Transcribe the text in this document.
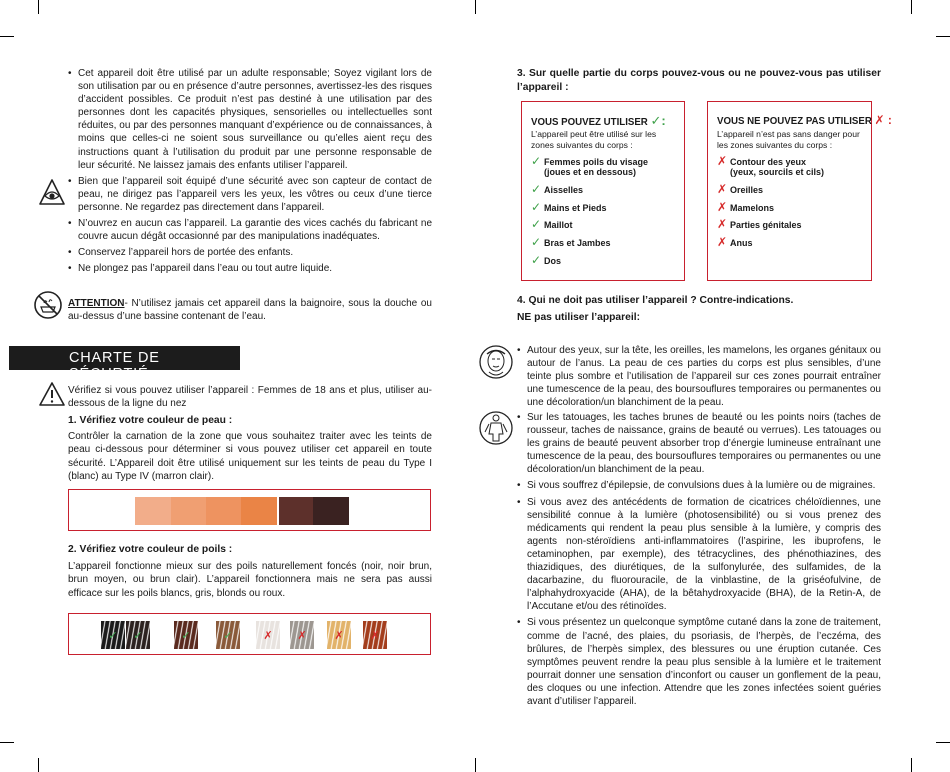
• Cet appareil doit être utilisé par un adulte responsable; Soyez vigilant lors de son utilisation par ou en présence d’autre personnes, avertissez-les des risques d’accident possibles. Ce produit n’est pas destiné à une utilisation par des personnes dont les capacités physiques, sensorielles ou intellectuelles sont réduites, ou par des personnes manquant d’expérience ou de connaissances, à moins que celles-ci ne soient sous surveillance ou qu’elles aient reçu des instructions quant à l’utilisation du produit par une personne responsable de leur sécurité. Ne laissez jamais des enfants utiliser l’appareil.
• Bien que l’appareil soit équipé d’une sécurité avec son capteur de contact de peau, ne dirigez pas l’appareil vers les yeux, les vôtres ou ceux d’une tierce personne. Ne regardez pas directement dans l’appareil.
• N’ouvrez en aucun cas l’appareil. La garantie des vices cachés du fabricant ne couvre aucun dégât occasionné par des manipulations inadéquates.
• Conservez l’appareil hors de portée des enfants.
• Ne plongez pas l’appareil dans l’eau ou tout autre liquide.

ATTENTION- N’utilisez jamais cet appareil dans la baignoire, sous la douche ou au-dessus d’une bassine contenant de l’eau.

CHARTE DE SÉCURTIÉ

Vérifiez si vous pouvez utiliser l’appareil : Femmes de 18 ans et plus, utiliser au-dessous de la ligne du nez

1. Vérifiez votre couleur de peau :

Contrôler la carnation de la zone que vous souhaitez traiter avec les teints de peau ci-dessous pour déterminer si vous pouvez utiliser cet appareil en toute sécurité. L’Appareil doit être utilisé uniquement sur les teints de peau du Type I (blanc) au Type IV (marron clair).

2. Vérifiez votre couleur de poils :

L’appareil fonctionne mieux sur des poils naturellement foncés (noir, noir brun, brun moyen, ou brun clair). L’appareil fonctionnera mais ne sera pas aussi efficace sur les poils blancs, gris, blonds ou roux.

✓	✓	✓	✓	✗	✗	✗	✗
3. Sur quelle partie du corps pouvez-vous ou ne pouvez-vous pas utiliser l’appareil :
VOUS POUVEZ UTILISER ✓:
L’appareil peut être utilisé sur les zones suivantes du corps :
✓ Femmes poils du visage
(joues et en dessous)
✓ Aisselles
✓ Mains et Pieds
✓ Maillot
✓ Bras et Jambes
✓ Dos
VOUS NE POUVEZ PAS UTILISER ✗ :
L’appareil n’est pas sans danger pour les zones suivantes du corps :
✗ Contour des yeux
(yeux, sourcils et cils)
✗ Oreilles
✗ Mamelons
✗ Parties génitales
✗ Anus
4. Qui ne doit pas utiliser l’appareil ? Contre-indications.
NE pas utiliser l’appareil:
• Autour des yeux, sur la tête, les oreilles, les mamelons, les organes génitaux ou autour de l’anus. La peau de ces parties du corps est plus sensibles, d’une teinte plus sombre et l’utilisation de l’appareil sur ces zones pourrait entraîner une tumescence de la peau, des boursouflures temporaires ou permanentes ou une décoloration/un blanchiment de la peau.
• Sur les tatouages, les taches brunes de beauté ou les points noirs (taches de rousseur, taches de naissance, grains de beauté ou verrues). Les tatouages ou les grains de beauté peuvent absorber trop d’énergie lumineuse entraînant une tumescence de la peau, des boursouflures temporaires ou permanentes ou une décoloration/un blanchiment de la peau.
• Si vous souffrez d’épilepsie, de convulsions dues à la lumière ou de migraines.
• Si vous avez des antécédents de formation de cicatrices chéloïdiennes, une sensibilité connue à la lumière (photosensibilité) ou si vous prenez des médicaments qui rendent la peau plus sensible à la lumière, y compris des agents non-stéroïdiens anti-inflammatoires (l’aspirine, les ibuprofens, le cetaminophen, par exemple), des tétracyclines, des phénothiazines, des thiazidiques, des diurétiques, de la sulfonylurée, des sulfamides, de la dacarbazine, du fluorouracile, de la vinblastine, de la griséofulvine, de l’alphahydroxyacide (AHA), de la bêtahydroxyacide (BHA), de la Retin-A, de l’Accutane et/ou des rétinoïdes.
• Si vous présentez un quelconque symptôme cutané dans la zone de traitement, comme de l’acné, des plaies, du psoriasis, de l’herpès, de l’eczéma, des brûlures, de l’herpès simplex, des blessures ou une éruption cutanée. Ces symptômes peuvent rendre la peau plus sensible à la lumière et le traitement pourrait donner une sensation d’inconfort ou causer un gonflement de la peau, des cloques ou une infection. Attendre que les zones infectées soient guéries avant d’utiliser l’appareil.
